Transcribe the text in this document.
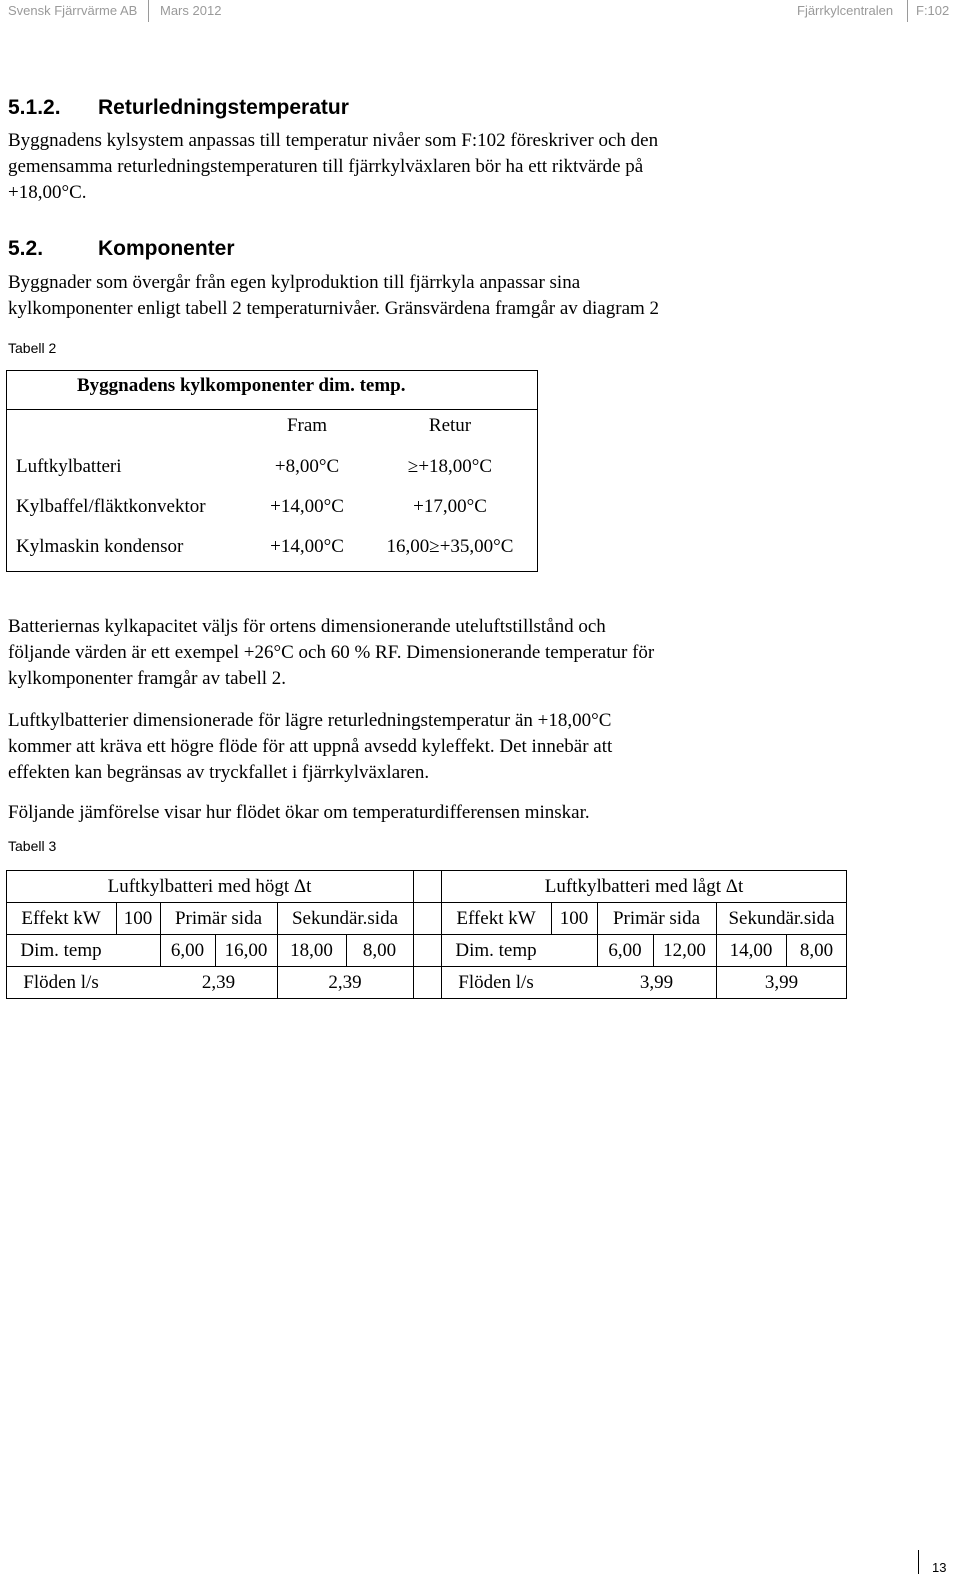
Svensk Fjärrvärme AB Mars 2012	Fjärrkylcentralen F:102
5.1.2. Returledningstemperatur
Byggnadens kylsystem anpassas till temperatur nivåer som F:102 föreskriver och den
gemensamma returledningstemperaturen till fjärrkylväxlaren bör ha ett riktvärde på
+18,00°C.
5.2.	Komponenter
Byggnader som övergår från egen kylproduktion till fjärrkyla anpassar sina
kylkomponenter enligt tabell 2 temperaturnivåer. Gränsvärdena framgår av diagram 2
Tabell 2
Byggnadens kylkomponenter dim. temp.
Fram	Retur
Luftkylbatteri	+8,00°C	≥+18,00°C
Kylbaffel/fläktkonvektor	+14,00°C	+17,00°C
Kylmaskin kondensor	+14,00°C	16,00≥+35,00°C
Batteriernas kylkapacitet väljs för ortens dimensionerande uteluftstillstånd och
följande värden är ett exempel +26°C och 60 % RF. Dimensionerande temperatur för
kylkomponenter framgår av tabell 2.
Luftkylbatterier dimensionerade för lägre returledningstemperatur än +18,00°C
kommer att kräva ett högre flöde för att uppnå avsedd kyleffekt. Det innebär att
effekten kan begränsas av tryckfallet i fjärrkylväxlaren.
Följande jämförelse visar hur flödet ökar om temperaturdifferensen minskar.
Tabell 3
Luftkylbatteri med högt Δt	Luftkylbatteri med lågt Δt
Effekt kW	100	Primär sida	Sekundär.sida	Effekt kW	100	Primär sida	Sekundär.sida
Dim. temp	6,00	16,00	18,00	8,00	Dim. temp	6,00	12,00	14,00	8,00
Flöden l/s	2,39	2,39	Flöden l/s	3,99	3,99
13
